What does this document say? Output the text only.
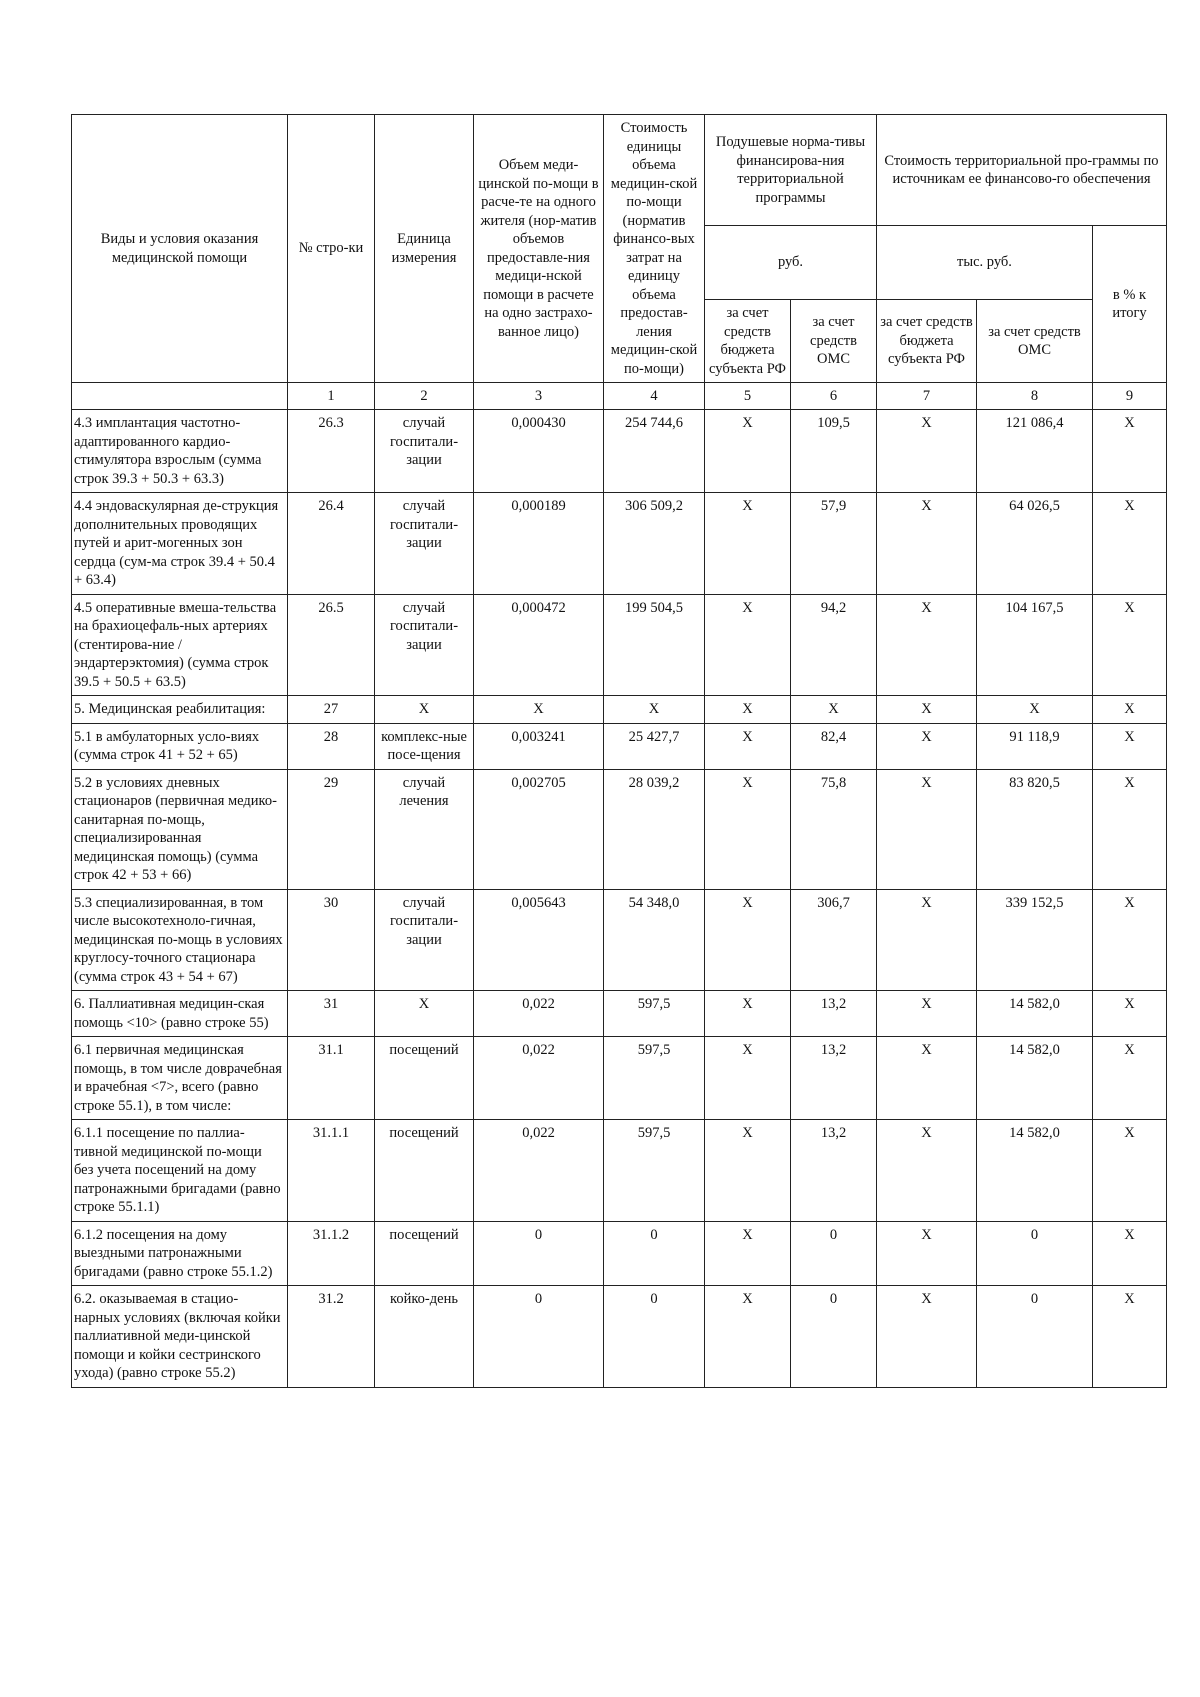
Виды и условия оказания медицинской помощи	№ стро-ки	Единица измерения	Объем меди-цинской по-мощи в расче-те на одного жителя (нор-матив объемов предоставле-ния медици-нской помощи в расчете на одно застрахо-ванное лицо)	Стоимость единицы объема медицин-ской по-мощи (норматив финансо-вых затрат на единицу объема предостав-ления медицин-ской по-мощи)	Подушевые норма-тивы финансирова-ния территориальной программы		Стоимость территориальной про-граммы по источникам ее финансово-го обеспечения		
					руб.		тыс. руб.		в % к итогу
					за счет средств бюджета субъекта РФ	за счет средств ОМС	за счет средств бюджета субъекта РФ	за счет средств ОМС	
	1	2	3	4	5	6	7	8	9
4.3 имплантация частотно-адаптированного кардио-стимулятора взрослым (сумма строк 39.3 + 50.3 + 63.3)	26.3	случай госпитали-зации	0,000430	254 744,6	X	109,5	X	121 086,4	X
4.4 эндоваскулярная де-струкция дополнительных проводящих путей и арит-могенных зон сердца (сум-ма строк 39.4 + 50.4 + 63.4)	26.4	случай госпитали-зации	0,000189	306 509,2	X	57,9	X	64 026,5	X
4.5 оперативные вмеша-тельства на брахиоцефаль-ных артериях (стентирова-ние / эндартерэктомия) (сумма строк 39.5 + 50.5 + 63.5)	26.5	случай госпитали-зации	0,000472	199 504,5	X	94,2	X	104 167,5	X
5. Медицинская реабилитация:	27	X	X	X	X	X	X	X	X
5.1 в амбулаторных усло-виях (сумма строк 41 + 52 + 65)	28	комплекс-ные посе-щения	0,003241	25 427,7	X	82,4	X	91 118,9	X
5.2 в условиях дневных стационаров (первичная медико-санитарная по-мощь, специализированная медицинская помощь) (сумма строк 42 + 53 + 66)	29	случай лечения	0,002705	28 039,2	X	75,8	X	83 820,5	X
5.3 специализированная, в том числе высокотехноло-гичная, медицинская по-мощь в условиях круглосу-точного стационара (сумма строк 43 + 54 + 67)	30	случай госпитали-зации	0,005643	54 348,0	X	306,7	X	339 152,5	X
6. Паллиативная медицин-ская помощь <10> (равно строке 55)	31	X	0,022	597,5	X	13,2	X	14 582,0	X
6.1 первичная медицинская помощь, в том числе доврачебная и врачебная <7>, всего (равно строке 55.1), в том числе:	31.1	посещений	0,022	597,5	X	13,2	X	14 582,0	X
6.1.1 посещение по паллиа-тивной медицинской по-мощи без учета посещений на дому патронажными бригадами (равно строке 55.1.1)	31.1.1	посещений	0,022	597,5	X	13,2	X	14 582,0	X
6.1.2 посещения на дому выездными патронажными бригадами (равно строке 55.1.2)	31.1.2	посещений	0	0	X	0	X	0	X
6.2. оказываемая в стацио-нарных условиях (включая койки паллиативной меди-цинской помощи и койки сестринского ухода) (равно строке 55.2)	31.2	койко-день	0	0	X	0	X	0	X
